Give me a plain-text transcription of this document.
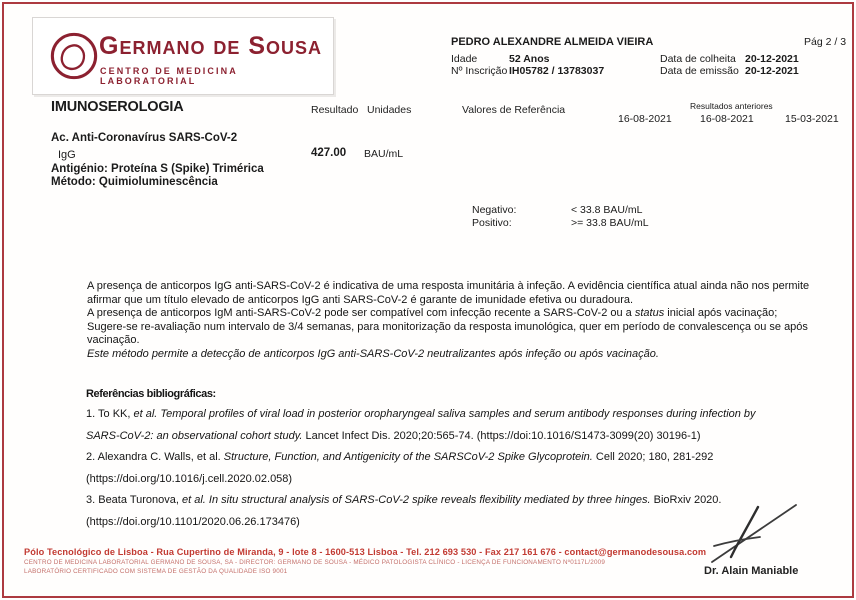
Germano de Sousa
CENTRO DE MEDICINA LABORATORIAL
PEDRO ALEXANDRE ALMEIDA VIEIRA	Pág 2 / 3
Idade	52 Anos	Data de colheita 20-12-2021
Nº Inscrição IH05782 / 13783037	Data de emissão 20-12-2021
IMUNOSEROLOGIA	Resultado Unidades	Valores de Referência	Resultados anteriores
16-08-2021	16-08-2021	15-03-2021
Ac. Anti-Coronavírus SARS-CoV-2
IgG	427.00 BAU/mL
Antigénio: Proteína S (Spike) Trimérica
Método: Quimioluminescência
Negativo:	< 33.8 BAU/mL
Positivo:	>= 33.8 BAU/mL

A presença de anticorpos IgG anti-SARS-CoV-2 é indicativa de uma resposta imunitária à infeção. A evidência científica atual ainda não nos permite afirmar que um título elevado de anticorpos IgG anti SARS-CoV-2 é garante de imunidade efetiva ou duradoura.

A presença de anticorpos IgM anti-SARS-CoV-2 pode ser compatível com infecção recente a SARS-CoV-2 ou a status inicial após vacinação;

Sugere-se re-avaliação num intervalo de 3/4 semanas, para monitorização da resposta imunológica, quer em período de convalescença ou se após vacinação.

Este método permite a detecção de anticorpos IgG anti-SARS-CoV-2 neutralizantes após infeção ou após vacinação.

Referências bibliográficas:

1. To KK, et al. Temporal profiles of viral load in posterior oropharyngeal saliva samples and serum antibody responses during infection by SARS-CoV-2: an observational cohort study. Lancet Infect Dis. 2020;20:565-74. (https://doi:10.1016/S1473-3099(20) 30196-1)

2. Alexandra C. Walls, et al. Structure, Function, and Antigenicity of the SARSCoV-2 Spike Glycoprotein. Cell 2020; 180, 281-292 (https://doi.org/10.1016/j.cell.2020.02.058)

3. Beata Turonova, et al. In situ structural analysis of SARS-CoV-2 spike reveals flexibility mediated by three hinges. BioRxiv 2020. (https://doi.org/10.1101/2020.06.26.173476)

Dr. Alain Maniable
Pólo Tecnológico de Lisboa - Rua Cupertino de Miranda, 9 - lote 8 - 1600-513 Lisboa - Tel. 212 693 530 - Fax 217 161 676 - contact@germanodesousa.com
CENTRO DE MEDICINA LABORATORIAL GERMANO DE SOUSA, SA - DIRECTOR: GERMANO DE SOUSA - MÉDICO PATOLOGISTA CLÍNICO - LICENÇA DE FUNCIONAMENTO Nº0117L/2009
LABORATÓRIO CERTIFICADO COM SISTEMA DE GESTÃO DA QUALIDADE ISO 9001
